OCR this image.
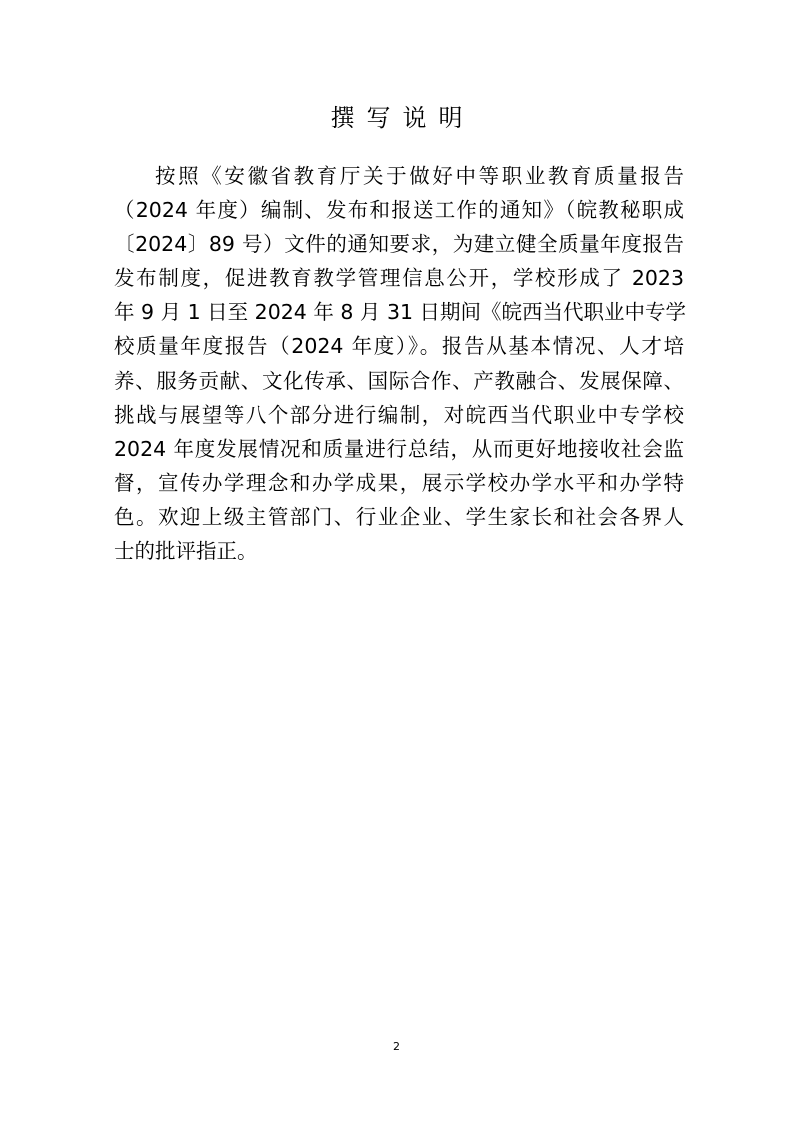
撰写说明
按照《安徽省教育厅关于做好中等职业教育质量报告
（2024 年度）编制、发布和报送工作的通知》（皖教秘职成
〔2024〕89 号）文件的通知要求，为建立健全质量年度报告
发布制度，促进教育教学管理信息公开，学校形成了 2023
年 9 月 1 日至 2024 年 8 月 31 日期间《皖西当代职业中专学
校质量年度报告（2024 年度）》。报告从基本情况、人才培
养、服务贡献、文化传承、国际合作、产教融合、发展保障、
挑战与展望等八个部分进行编制，对皖西当代职业中专学校
2024 年度发展情况和质量进行总结，从而更好地接收社会监
督，宣传办学理念和办学成果，展示学校办学水平和办学特
色。欢迎上级主管部门、行业企业、学生家长和社会各界人
士的批评指正。
2
